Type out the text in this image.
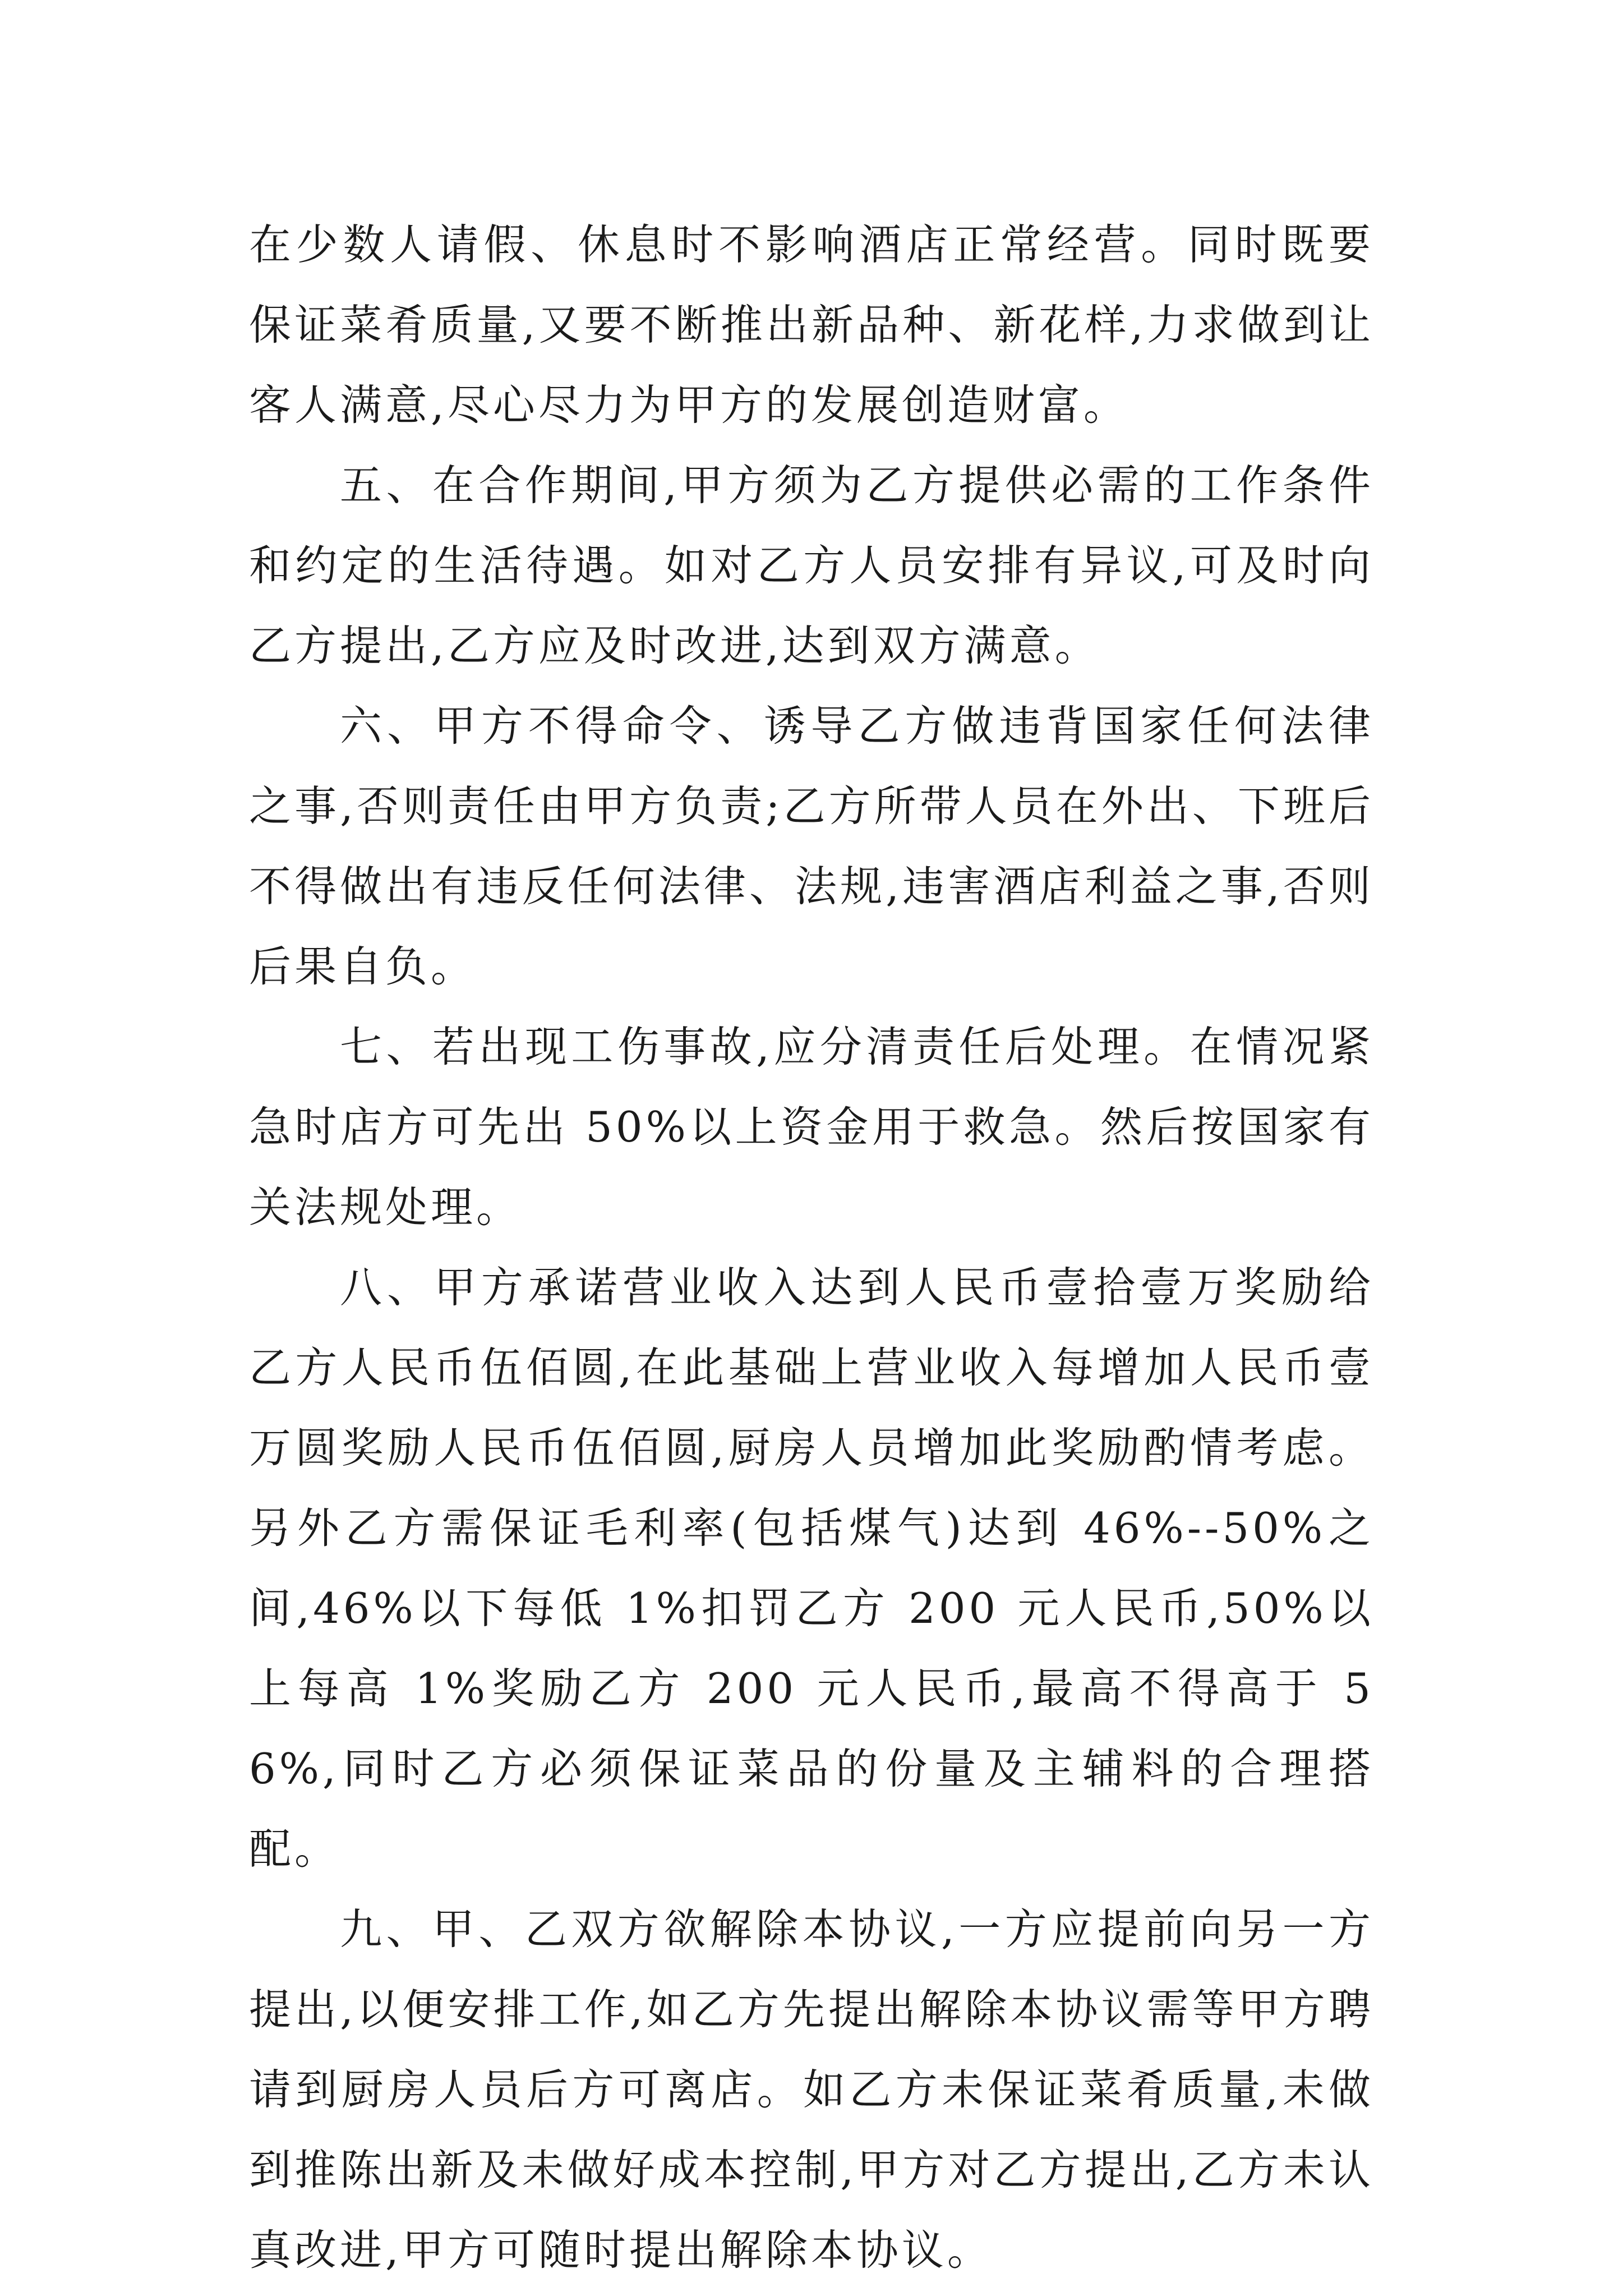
在少数人请假、休息时不影响酒店正常经营。同时既要保证菜肴质量,又要不断推出新品种、新花样,力求做到让客人满意,尽心尽力为甲方的发展创造财富。

五、在合作期间,甲方须为乙方提供必需的工作条件和约定的生活待遇。如对乙方人员安排有异议,可及时向乙方提出,乙方应及时改进,达到双方满意。

六、甲方不得命令、诱导乙方做违背国家任何法律之事,否则责任由甲方负责;乙方所带人员在外出、下班后不得做出有违反任何法律、法规,违害酒店利益之事,否则后果自负。

七、若出现工伤事故,应分清责任后处理。在情况紧急时店方可先出 50%以上资金用于救急。然后按国家有关法规处理。

八、甲方承诺营业收入达到人民币壹拾壹万奖励给乙方人民币伍佰圆,在此基础上营业收入每增加人民币壹万圆奖励人民币伍佰圆,厨房人员增加此奖励酌情考虑。另外乙方需保证毛利率(包括煤气)达到 46%--50%之间,46%以下每低 1%扣罚乙方 200 元人民币,50%以上每高 1%奖励乙方 200 元人民币,最高不得高于 56%,同时乙方必须保证菜品的份量及主辅料的合理搭配。

九、甲、乙双方欲解除本协议,一方应提前向另一方提出,以便安排工作,如乙方先提出解除本协议需等甲方聘请到厨房人员后方可离店。如乙方未保证菜肴质量,未做到推陈出新及未做好成本控制,甲方对乙方提出,乙方未认真改进,甲方可随时提出解除本协议。
